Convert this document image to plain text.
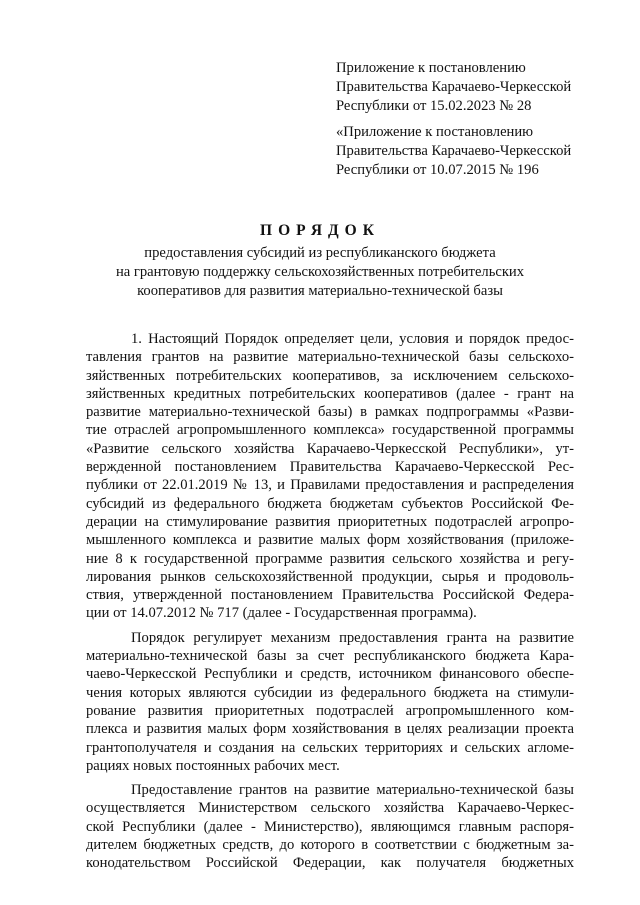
Приложение к постановлению
Правительства Карачаево-Черкесской
Республики от 15.02.2023 № 28
«Приложение к постановлению
Правительства Карачаево-Черкесской
Республики от 10.07.2015 № 196
ПОРЯДОК
предоставления субсидий из республиканского бюджета
на грантовую поддержку сельскохозяйственных потребительских
кооперативов для развития материально-технической базы
1. Настоящий Порядок определяет цели, условия и порядок предос-
тавления грантов на развитие материально-технической базы сельскохо-
зяйственных потребительских кооперативов, за исключением сельскохо-
зяйственных кредитных потребительских кооперативов (далее - грант на
развитие материально-технической базы) в рамках подпрограммы «Разви-
тие отраслей агропромышленного комплекса» государственной программы
«Развитие сельского хозяйства Карачаево-Черкесской Республики», ут-
вержденной постановлением Правительства Карачаево-Черкесской Рес-
публики от 22.01.2019 № 13, и Правилами предоставления и распределения
субсидий из федерального бюджета бюджетам субъектов Российской Фе-
дерации на стимулирование развития приоритетных подотраслей агропро-
мышленного комплекса и развитие малых форм хозяйствования (приложе-
ние 8 к государственной программе развития сельского хозяйства и регу-
лирования рынков сельскохозяйственной продукции, сырья и продоволь-
ствия, утвержденной постановлением Правительства Российской Федера-
ции от 14.07.2012 № 717 (далее - Государственная программа).
Порядок регулирует механизм предоставления гранта на развитие
материально-технической базы за счет республиканского бюджета Кара-
чаево-Черкесской Республики и средств, источником финансового обеспе-
чения которых являются субсидии из федерального бюджета на стимули-
рование развития приоритетных подотраслей агропромышленного ком-
плекса и развития малых форм хозяйствования в целях реализации проекта
грантополучателя и создания на сельских территориях и сельских агломе-
рациях новых постоянных рабочих мест.
Предоставление грантов на развитие материально-технической базы
осуществляется Министерством сельского хозяйства Карачаево-Черкес-
ской Республики (далее - Министерство), являющимся главным распоря-
дителем бюджетных средств, до которого в соответствии с бюджетным за-
конодательством Российской Федерации, как получателя бюджетных
